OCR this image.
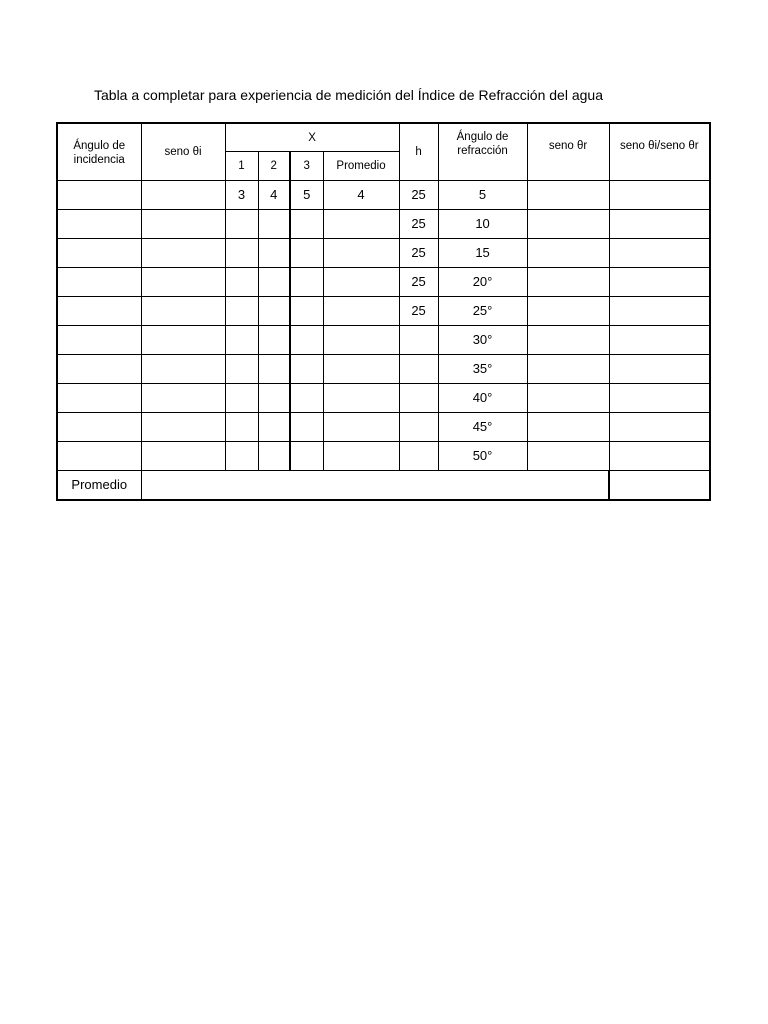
Tabla a completar para experiencia de medición del Índice de Refracción del agua
Ángulo de incidencia	seno θi	X				h	Ángulo de refracción	seno θr	seno θi/seno θr
		1	2	3	Promedio				
		3	4	5	4	25	5		
						25	10		
						25	15		
						25	20°		
						25	25°		
							30°		
							35°		
							40°		
							45°		
							50°		
Promedio									
